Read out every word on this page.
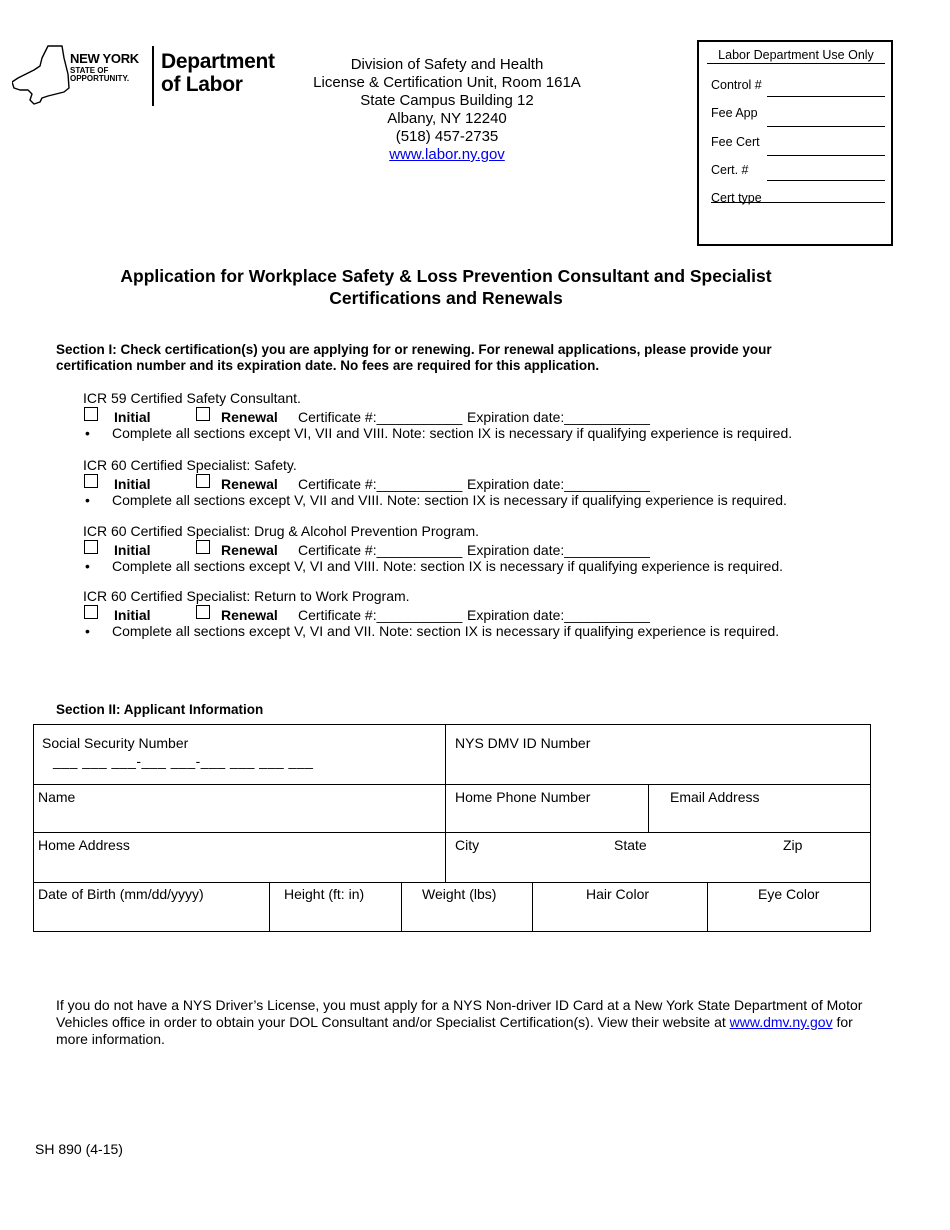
NEW YORK
STATE OF
OPPORTUNITY.
Department
of Labor
Division of Safety and Health
License & Certification Unit, Room 161A
State Campus Building 12
Albany, NY 12240
(518) 457-2735
www.labor.ny.gov
Labor Department Use Only
Control #
Fee App
Fee Cert
Cert. #
Cert type
Application for Workplace Safety & Loss Prevention Consultant and Specialist
Certifications and Renewals
Section I: Check certification(s) you are applying for or renewing. For renewal applications, please provide your certification number and its expiration date. No fees are required for this application.
ICR 59 Certified Safety Consultant.
Initial	Renewal Certificate #:___________ Expiration date:___________
• Complete all sections except VI, VII and VIII. Note: section IX is necessary if qualifying experience is required.
ICR 60 Certified Specialist: Safety.
Initial	Renewal Certificate #:___________ Expiration date:___________
• Complete all sections except V, VII and VIII. Note: section IX is necessary if qualifying experience is required.
ICR 60 Certified Specialist: Drug & Alcohol Prevention Program.
Initial	Renewal Certificate #:___________ Expiration date:___________
• Complete all sections except V, VI and VIII. Note: section IX is necessary if qualifying experience is required.
ICR 60 Certified Specialist: Return to Work Program.
Initial	Renewal Certificate #:___________ Expiration date:___________
• Complete all sections except V, VI and VII. Note: section IX is necessary if qualifying experience is required.
Section II: Applicant Information
Social Security Number
___ ___ ___-___ ___-___ ___ ___ ___
NYS DMV ID Number
Name	Home Phone Number	Email Address
Home Address	City	State	Zip
Date of Birth (mm/dd/yyyy)	Height (ft: in)	Weight (lbs)	Hair Color	Eye Color
If you do not have a NYS Driver’s License, you must apply for a NYS Non-driver ID Card at a New York State Department of Motor Vehicles office in order to obtain your DOL Consultant and/or Specialist Certification(s). View their website at www.dmv.ny.gov for more information.
SH 890 (4-15)
